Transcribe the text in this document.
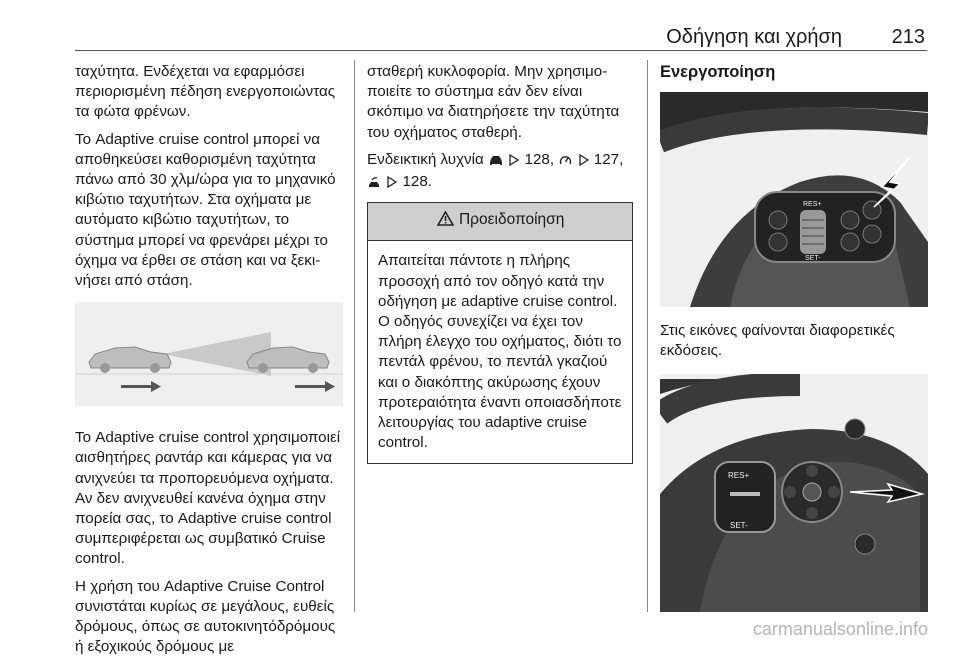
Οδήγηση και χρήση 213

ταχύτητα. Ενδέχεται να εφαρμόσει περιορισμένη πέδηση ενεργοποιώντας τα φώτα φρένων.

Το Adaptive cruise control μπορεί να αποθηκεύσει καθορισμένη ταχύτητα πάνω από 30 χλμ/ώρα για το μηχανικό κιβώτιο ταχυτήτων. Στα οχήματα με αυτόματο κιβώτιο ταχυτήτων, το σύστημα μπορεί να φρενάρει μέχρι το όχημα να έρθει σε στάση και να ξεκινήσει από στάση.

Το Adaptive cruise control χρησιμοποιεί αισθητήρες ραντάρ και κάμερας για να ανιχνεύει τα προπορευόμενα οχήματα. Αν δεν ανιχνευθεί κανένα όχημα στην πορεία σας, το Adaptive cruise control συμπεριφέρεται ως συμβατικό Cruise control.

Η χρήση του Adaptive Cruise Control συνιστάται κυρίως σε μεγάλους, ευθείς δρόμους, όπως σε αυτοκινητόδρόμους ή εξοχικούς δρόμους με

σταθερή κυκλοφορία. Μην χρησιμοποιείτε το σύστημα εάν δεν είναι σκόπιμο να διατηρήσετε την ταχύτητα του οχήματος σταθερή.

Ενδεικτική λυχνία	128,	127,
128.

Προειδοποίηση
Απαιτείται πάντοτε η πλήρης προσοχή από τον οδηγό κατά την οδήγηση με adaptive cruise control. Ο οδηγός συνεχίζει να έχει τον πλήρη έλεγχο του οχήματος, διότι το πεντάλ φρένου, το πεντάλ γκαζιού και ο διακόπτης ακύρωσης έχουν προτεραιότητα έναντι οποιασδήποτε λειτουργίας του adaptive cruise control.
Ενεργοποίηση
RES+
SET-

Στις εικόνες φαίνονται διαφορετικές εκδόσεις.

RES+
SET-
carmanualsonline.info
